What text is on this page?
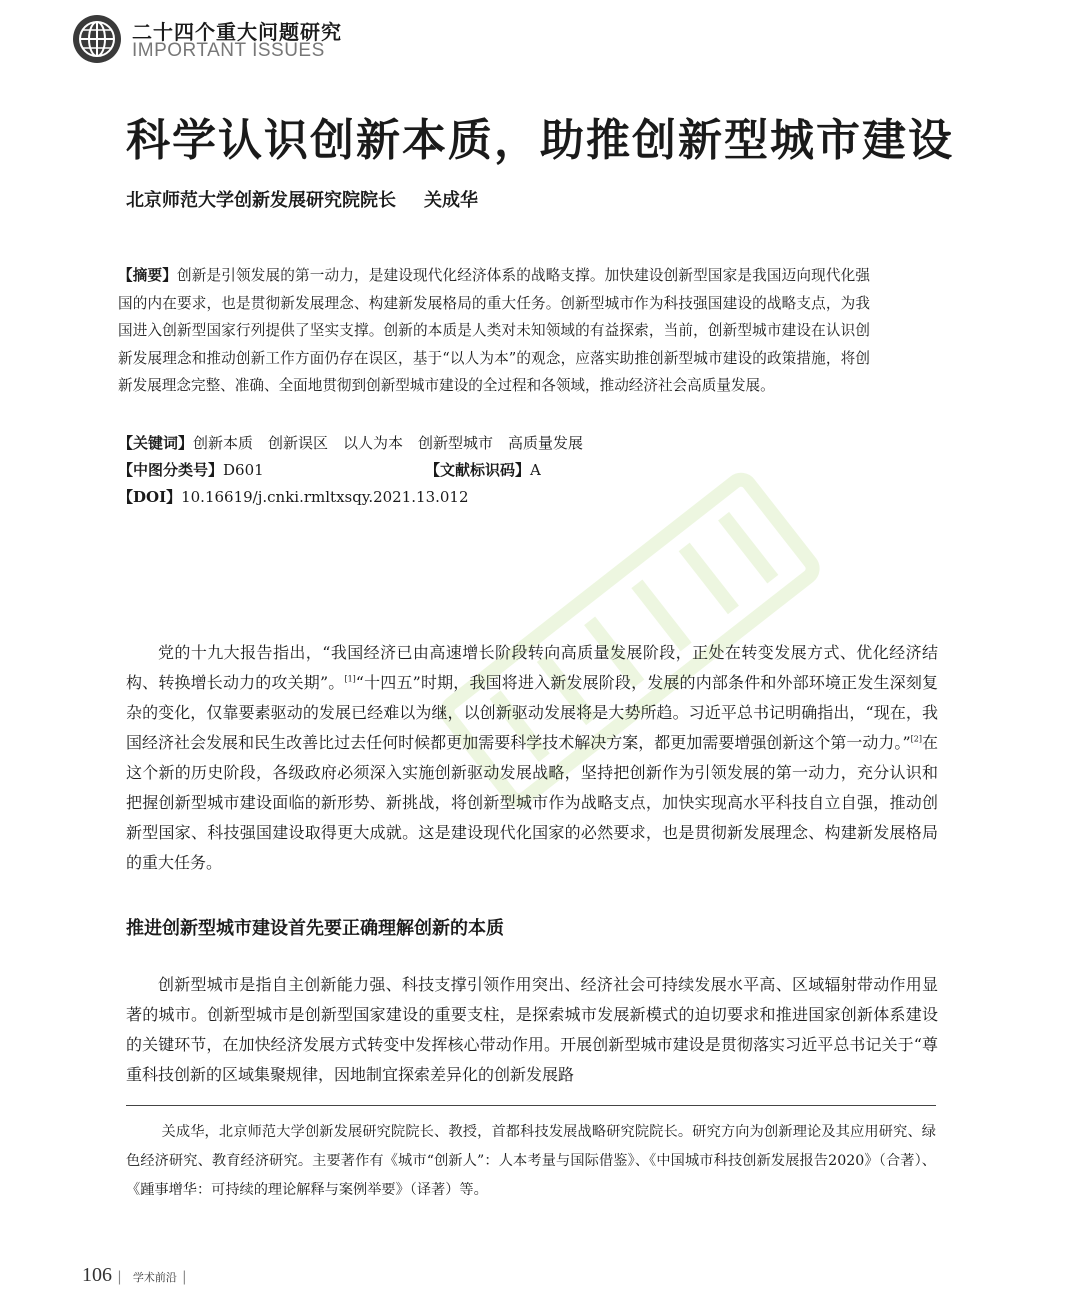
二十四个重大问题研究
IMPORTANT ISSUES
科学认识创新本质，助推创新型城市建设
北京师范大学创新发展研究院院长 关成华

【摘要】创新是引领发展的第一动力，是建设现代化经济体系的战略支撑。加快建设创新型国家是我国迈向现代化强国的内在要求，也是贯彻新发展理念、构建新发展格局的重大任务。创新型城市作为科技强国建设的战略支点，为我国进入创新型国家行列提供了坚实支撑。创新的本质是人类对未知领域的有益探索，当前，创新型城市建设在认识创新发展理念和推动创新工作方面仍存在误区，基于“以人为本”的观念，应落实助推创新型城市建设的政策措施，将创新发展理念完整、准确、全面地贯彻到创新型城市建设的全过程和各领域，推动经济社会高质量发展。

【关键词】创新本质　创新误区　以人为本　创新型城市　高质量发展
【中图分类号】D601	【文献标识码】A
【DOI】10.16619/j.cnki.rmltxsqy.2021.13.012

党的十九大报告指出，“我国经济已由高速增长阶段转向高质量发展阶段，正处在转变发展方式、优化经济结构、转换增长动力的攻关期”。[1]“十四五”时期，我国将进入新发展阶段，发展的内部条件和外部环境正发生深刻复杂的变化，仅靠要素驱动的发展已经难以为继，以创新驱动发展将是大势所趋。习近平总书记明确指出，“现在，我国经济社会发展和民生改善比过去任何时候都更加需要科学技术解决方案，都更加需要增强创新这个第一动力。”[2]在这个新的历史阶段，各级政府必须深入实施创新驱动发展战略，坚持把创新作为引领发展的第一动力，充分认识和把握创新型城市建设面临的新形势、新挑战，将创新型城市作为战略支点，加快实现高水平科技自立自强，推动创新型国家、科技强国建设取得更大成就。这是建设现代化国家的必然要求，也是贯彻新发展理念、构建新发展格局的重大任务。

推进创新型城市建设首先要正确理解创新的本质

创新型城市是指自主创新能力强、科技支撑引领作用突出、经济社会可持续发展水平高、区域辐射带动作用显著的城市。创新型城市是创新型国家建设的重要支柱，是探索城市发展新模式的迫切要求和推进国家创新体系建设的关键环节，在加快经济发展方式转变中发挥核心带动作用。开展创新型城市建设是贯彻落实习近平总书记关于“尊重科技创新的区域集聚规律，因地制宜探索差异化的创新发展路

关成华，北京师范大学创新发展研究院院长、教授，首都科技发展战略研究院院长。研究方向为创新理论及其应用研究、绿色经济研究、教育经济研究。主要著作有《城市“创新人”：人本考量与国际借鉴》、《中国城市科技创新发展报告2020》（合著）、《踵事增华：可持续的理论解释与案例举要》（译著）等。

106 | 学术前沿 |
